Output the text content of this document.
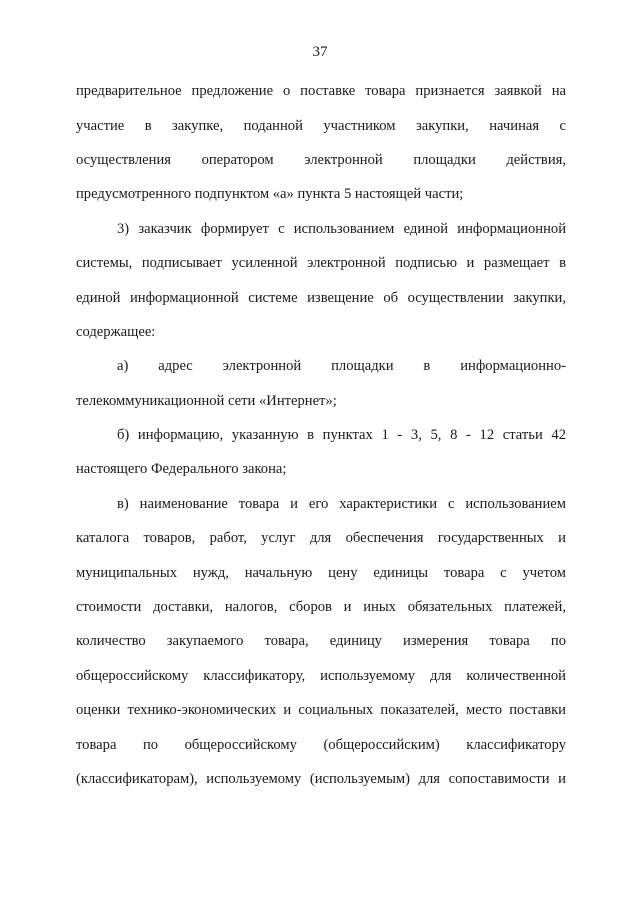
37
предварительное предложение о поставке товара признается заявкой на
участие в закупке, поданной участником закупки, начиная с
осуществления оператором электронной площадки действия,
предусмотренного подпунктом «а» пункта 5 настоящей части;
3) заказчик формирует с использованием единой информационной
системы, подписывает усиленной электронной подписью и размещает в
единой информационной системе извещение об осуществлении закупки,
содержащее:
а) адрес электронной площадки в информационно-
телекоммуникационной сети «Интернет»;
б) информацию, указанную в пунктах 1 - 3, 5, 8 - 12 статьи 42
настоящего Федерального закона;
в) наименование товара и его характеристики с использованием
каталога товаров, работ, услуг для обеспечения государственных и
муниципальных нужд, начальную цену единицы товара с учетом
стоимости доставки, налогов, сборов и иных обязательных платежей,
количество закупаемого товара, единицу измерения товара по
общероссийскому классификатору, используемому для количественной
оценки технико-экономических и социальных показателей, место поставки
товара по общероссийскому (общероссийским) классификатору
(классификаторам), используемому (используемым) для сопоставимости и
